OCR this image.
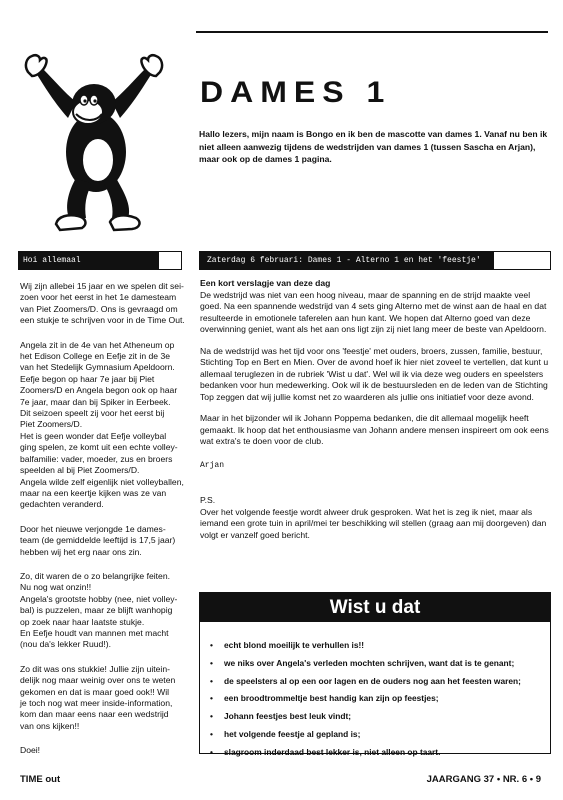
DAMES 1

Hallo lezers, mijn naam is Bongo en ik ben de mascotte van dames 1. Vanaf nu ben ik niet alleen aanwezig tijdens de wedstrijden van dames 1 (tussen Sascha en Arjan), maar ook op de dames 1 pagina.

Hoi allemaal	Zaterdag 6 februari: Dames 1 - Alterno 1 en het 'feestje'

Wij zijn allebei 15 jaar en we spelen dit sei-
zoen voor het eerst in het 1e damesteam
van Piet Zoomers/D. Ons is gevraagd om
een stukje te schrijven voor in de Time Out.

Angela zit in de 4e van het Atheneum op
het Edison College en Eefje zit in de 3e
van het Stedelijk Gymnasium Apeldoorn.
Eefje begon op haar 7e jaar bij Piet
Zoomers/D en Angela begon ook op haar
7e jaar, maar dan bij Spiker in Eerbeek.
Dit seizoen speelt zij voor het eerst bij
Piet Zoomers/D.
Het is geen wonder dat Eefje volleybal
ging spelen, ze komt uit een echte volley-
balfamilie: vader, moeder, zus en broers
speelden al bij Piet Zoomers/D.
Angela wilde zelf eigenlijk niet volleyballen,
maar na een keertje kijken was ze van
gedachten veranderd.

Door het nieuwe verjongde 1e dames-
team (de gemiddelde leeftijd is 17,5 jaar)
hebben wij het erg naar ons zin.

Zo, dit waren de o zo belangrijke feiten.
Nu nog wat onzin!!
Angela's grootste hobby (nee, niet volley-
bal) is puzzelen, maar ze blijft wanhopig
op zoek naar haar laatste stukje.
En Eefje houdt van mannen met macht
(nou da's lekker Ruud!).

Zo dit was ons stukkie! Jullie zijn uitein-
delijk nog maar weinig over ons te weten
gekomen en dat is maar goed ook!! Wil
je toch nog wat meer inside-information,
kom dan maar eens naar een wedstrijd
van ons kijken!!

Doei!

Een kort verslagje van deze dag

De wedstrijd was niet van een hoog niveau, maar de spanning en de strijd maakte veel goed. Na een spannende wedstrijd van 4 sets ging Alterno met de winst aan de haal en dat resulteerde in emotionele taferelen aan hun kant. We hopen dat Alterno goed van deze overwinning geniet, want als het aan ons ligt zijn zij niet lang meer de beste van Apeldoorn.

Na de wedstrijd was het tijd voor ons 'feestje' met ouders, broers, zussen, familie, bestuur, Stichting Top en Bert en Mien. Over de avond hoef ik hier niet zoveel te vertellen, dat kunt u allemaal teruglezen in de rubriek 'Wist u dat'. Wel wil ik via deze weg ouders en speelsters bedanken voor hun medewerking. Ook wil ik de bestuursleden en de leden van de Stichting Top zeggen dat wij jullie komst net zo waarderen als jullie ons initiatief voor deze avond.

Maar in het bijzonder wil ik Johann Poppema bedanken, die dit allemaal mogelijk heeft gemaakt. Ik hoop dat het enthousiasme van Johann andere mensen inspireert om ook eens wat extra's te doen voor de club.

Arjan

P.S.

Over het volgende feestje wordt alweer druk gesproken. Wat het is zeg ik niet, maar als iemand een grote tuin in april/mei ter beschikking wil stellen (graag aan mij doorgeven) dan volgt er vanzelf goed bericht.

Wist u dat
• echt blond moeilijk te verhullen is!!
• we niks over Angela's verleden mochten schrijven, want dat is te genant;
• de speelsters al op een oor lagen en de ouders nog aan het feesten waren;
• een broodtrommeltje best handig kan zijn op feestjes;
• Johann feestjes best leuk vindt;
• het volgende feestje al gepland is;
• slagroom inderdaad best lekker is, niet alleen op taart.
TIME out	JAARGANG 37 • NR. 6 • 9
